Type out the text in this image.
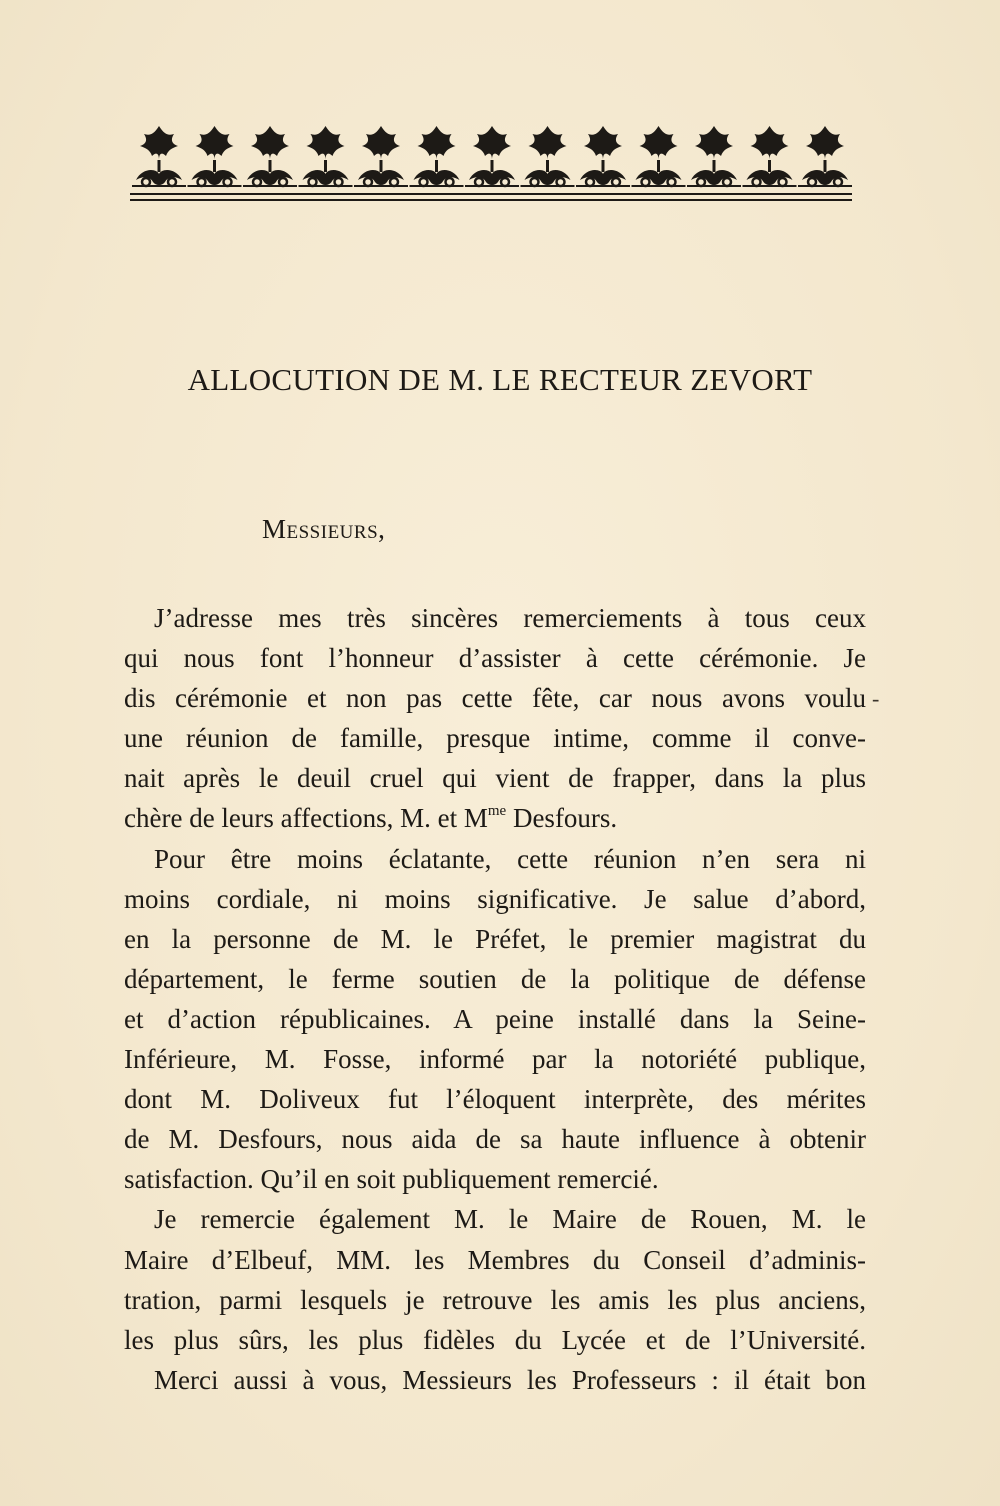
ALLOCUTION DE M. LE RECTEUR ZEVORT
Messieurs,
J’adresse mes très sincères remerciements à tous ceux
qui nous font l’honneur d’assister à cette cérémonie. Je
dis cérémonie et non pas cette fête, car nous avons voulu
une réunion de famille, presque intime, comme il conve-
nait après le deuil cruel qui vient de frapper, dans la plus
chère de leurs affections, M. et $M^{me}$ Desfours.
Pour être moins éclatante, cette réunion n’en sera ni
moins cordiale, ni moins significative. Je salue d’abord,
en la personne de M. le Préfet, le premier magistrat du
département, le ferme soutien de la politique de défense
et d’action républicaines. A peine installé dans la Seine-
Inférieure, M. Fosse, informé par la notoriété publique,
dont M. Doliveux fut l’éloquent interprète, des mérites
de M. Desfours, nous aida de sa haute influence à obtenir
satisfaction. Qu’il en soit publiquement remercié.
Je remercie également M. le Maire de Rouen, M. le
Maire d’Elbeuf, MM. les Membres du Conseil d’adminis-
tration, parmi lesquels je retrouve les amis les plus anciens,
les plus sûrs, les plus fidèles du Lycée et de l’Université.
Merci aussi à vous, Messieurs les Professeurs : il était bon
-
